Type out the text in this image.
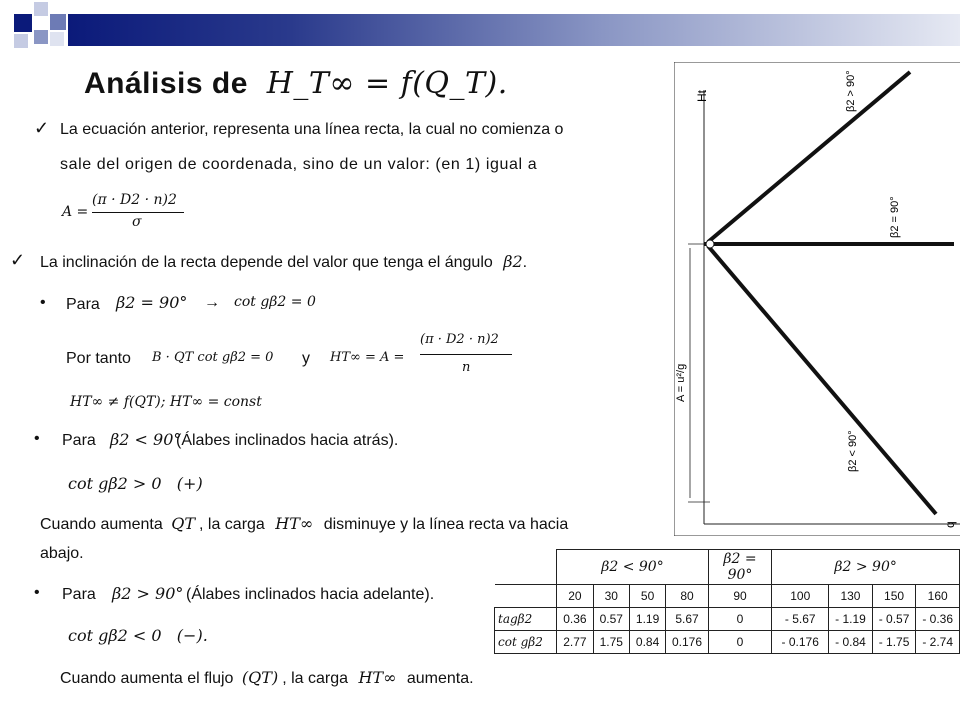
Análisis de H_T∞ = f(Q_T).
✓ La ecuación anterior, representa una línea recta, la cual no comienza o
sale del origen de coordenada, sino de un valor: (en 1) igual a
A =
(π · D2 · n)2
σ
✓ La inclinación de la recta depende del valor que tenga el ángulo β2.
• Para β2 = 90° → cot gβ2 = 0
Por tanto B · QT cot gβ2 = 0 y HT∞ = A =
(π · D2 · n)2
n
HT∞ ≠ f(QT); HT∞ = const
• Para β2 < 90°
(Álabes inclinados hacia atrás).
cot gβ2 > 0   (+)
Cuando aumenta QT , la carga HT∞ disminuye y la línea recta va hacia
abajo.
• Para β2 > 90° (Álabes inclinados hacia adelante).
cot gβ2 < 0   (−).
Cuando aumenta el flujo (QT) , la carga HT∞ aumenta.
Ht
q
A = u²/g
β2 > 90°
β2 = 90°
β2 < 90°
	β2 < 90°				β2 = 90°	β2 > 90°			
	20	30	50	80	90	100	130	150	160
tagβ2	0.36	0.57	1.19	5.67	0	- 5.67	- 1.19	- 0.57	- 0.36
cot gβ2	2.77	1.75	0.84	0.176	0	- 0.176	- 0.84	- 1.75	- 2.74
